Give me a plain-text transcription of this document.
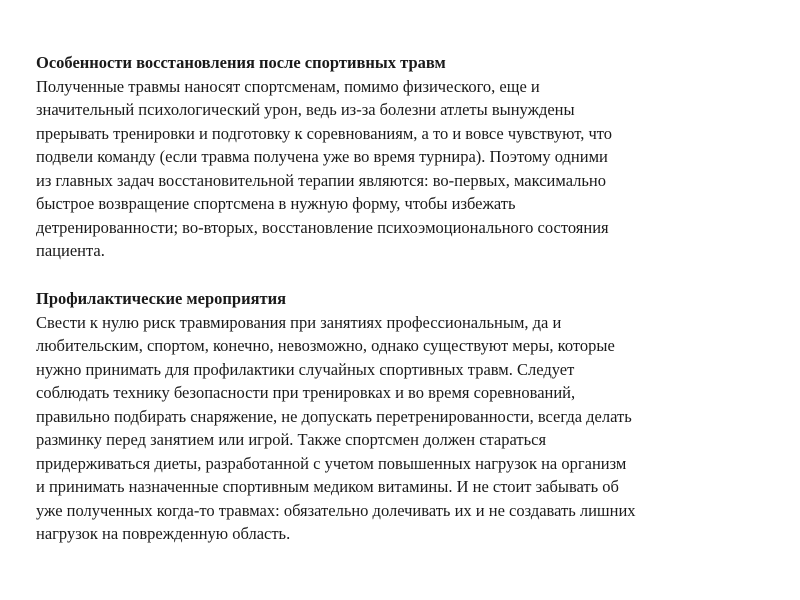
Особенности восстановления после спортивных травм
Полученные травмы наносят спортсменам, помимо физического, еще и
значительный психологический урон, ведь из-за болезни атлеты вынуждены
прерывать тренировки и подготовку к соревнованиям, а то и вовсе чувствуют, что
подвели команду (если травма получена уже во время турнира). Поэтому одними
из главных задач восстановительной терапии являются: во-первых, максимально
быстрое возвращение спортсмена в нужную форму, чтобы избежать
детренированности; во-вторых, восстановление психоэмоционального состояния
пациента.
Профилактические мероприятия
Свести к нулю риск травмирования при занятиях профессиональным, да и
любительским, спортом, конечно, невозможно, однако существуют меры, которые
нужно принимать для профилактики случайных спортивных травм. Следует
соблюдать технику безопасности при тренировках и во время соревнований,
правильно подбирать снаряжение, не допускать перетренированности, всегда делать
разминку перед занятием или игрой. Также спортсмен должен стараться
придерживаться диеты, разработанной с учетом повышенных нагрузок на организм
и принимать назначенные спортивным медиком витамины. И не стоит забывать об
уже полученных когда-то травмах: обязательно долечивать их и не создавать лишних
нагрузок на поврежденную область.
